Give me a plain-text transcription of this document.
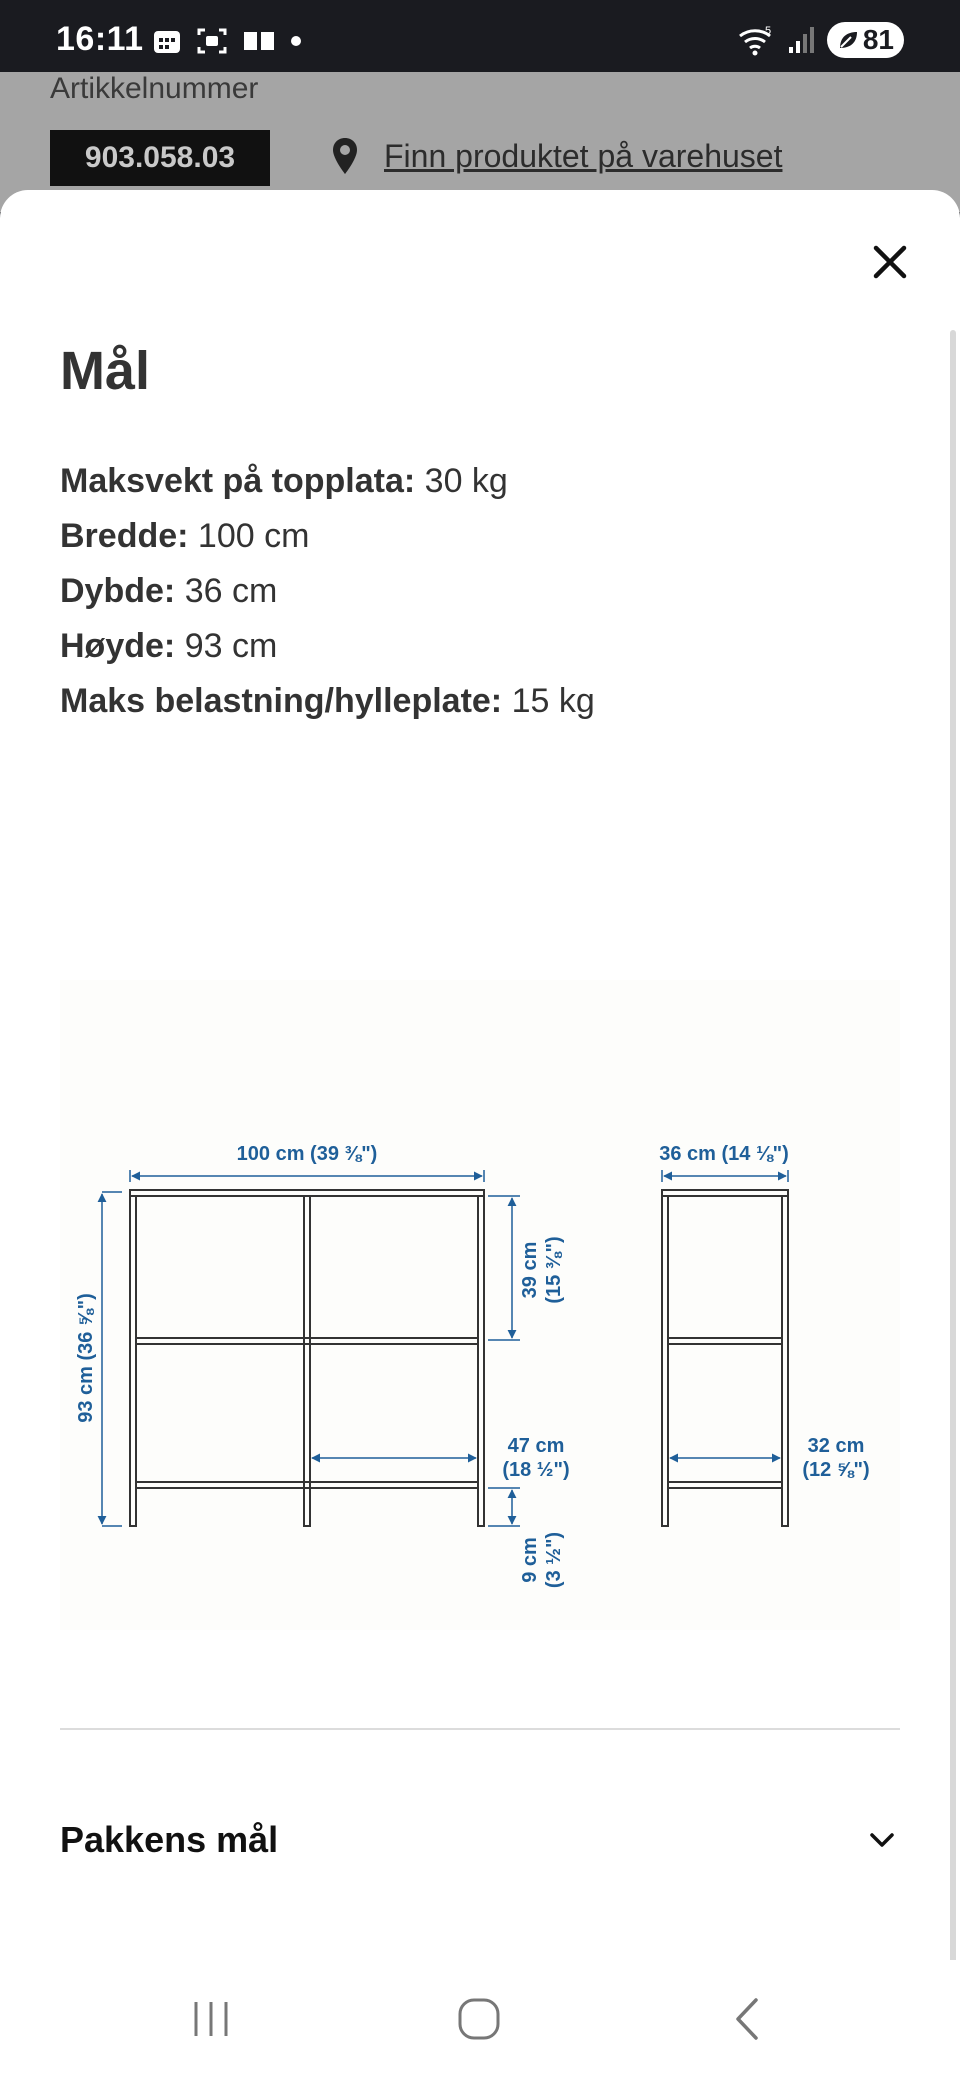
16:11	5	81
Artikkelnummer
903.058.03	Finn produktet på varehuset
Mål
Maksvekt på topplata: 30 kg
Bredde: 100 cm
Dybde: 36 cm
Høyde: 93 cm
Maks belastning/hylleplate: 15 kg
100 cm (39 ⅜")
93 cm (36 ⅝")
39 cm (15 ⅜")
47 cm
(18 ½")
9 cm (3 ½")
36 cm (14 ⅛")
32 cm
(12 ⅝")
Pakkens mål
